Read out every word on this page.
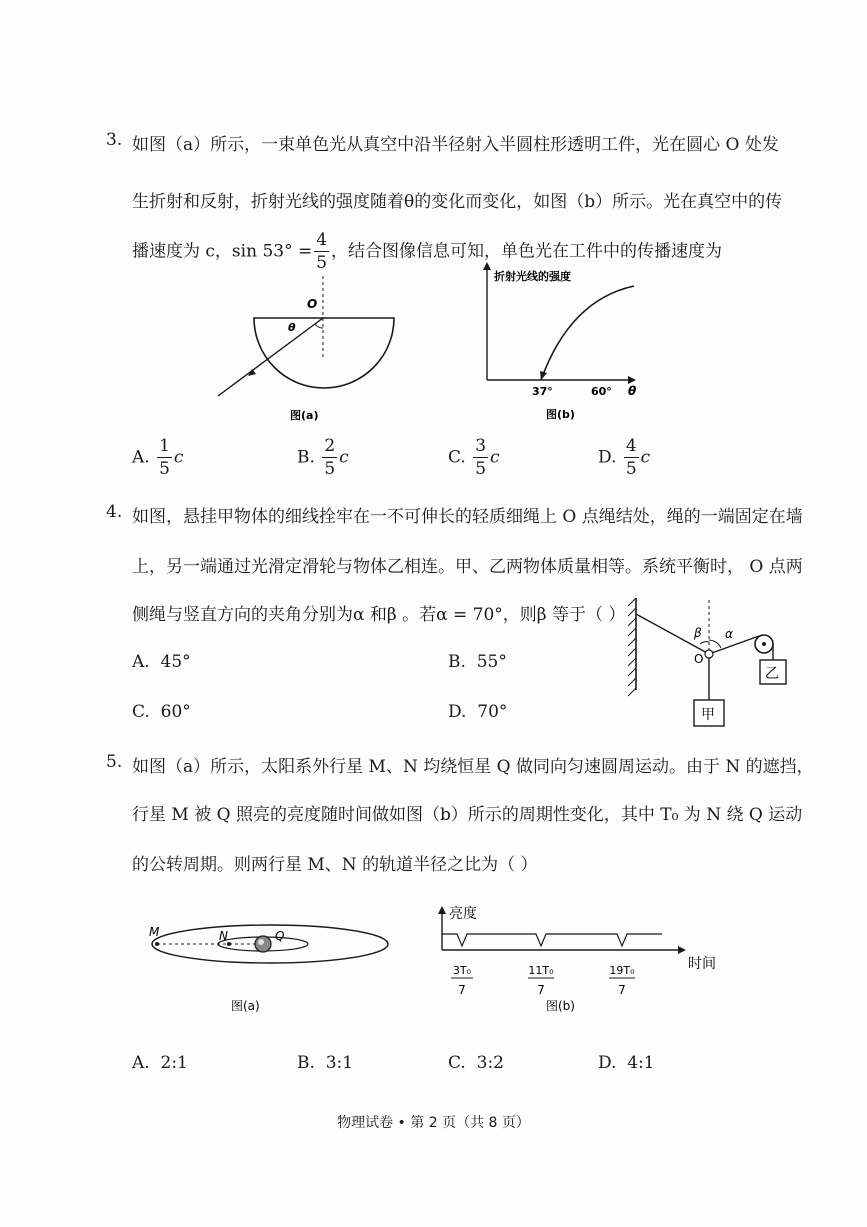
3. 如图（a）所示，一束单色光从真空中沿半径射入半圆柱形透明工件，光在圆心 O 处发
生折射和反射，折射光线的强度随着θ的变化而变化，如图（b）所示。光在真空中的传
播速度为 c，$\sin 53^\circ = \frac{4}{5}$ ，结合图像信息可知，单色光在工件中的传播速度为
O
θ
图(a)
折射光线的强度
37°	60° θ
图(b)
A. $\frac{1}{5}$ c	B. $\frac{2}{5}$ c	C. $\frac{3}{5}$ c	D. $\frac{4}{5}$ c
4. 如图，悬挂甲物体的细线拴牢在一不可伸长的轻质细绳上 O 点绳结处，绳的一端固定在墙
上，另一端通过光滑定滑轮与物体乙相连。甲、乙两物体质量相等。系统平衡时， O 点两
侧绳与竖直方向的夹角分别为α 和β 。若α = 70°，则β 等于（ ）
β α
O
乙
甲
A. 45°	B. 55°
C. 60°	D. 70°
5. 如图（a）所示，太阳系外行星 M、N 均绕恒星 Q 做同向匀速圆周运动。由于 N 的遮挡，
行星 M 被 Q 照亮的亮度随时间做如图（b）所示的周期性变化，其中 T₀ 为 N 绕 Q 运动
的公转周期。则两行星 M、N 的轨道半径之比为（ ）
M	N	Q
图(a)
亮度
时间
3T₀
7
11T₀
7
19T₀
7
图(b)
A. 2:1	B. 3:1	C. 3:2	D. 4:1
物理试卷 • 第 2 页（共 8 页）
